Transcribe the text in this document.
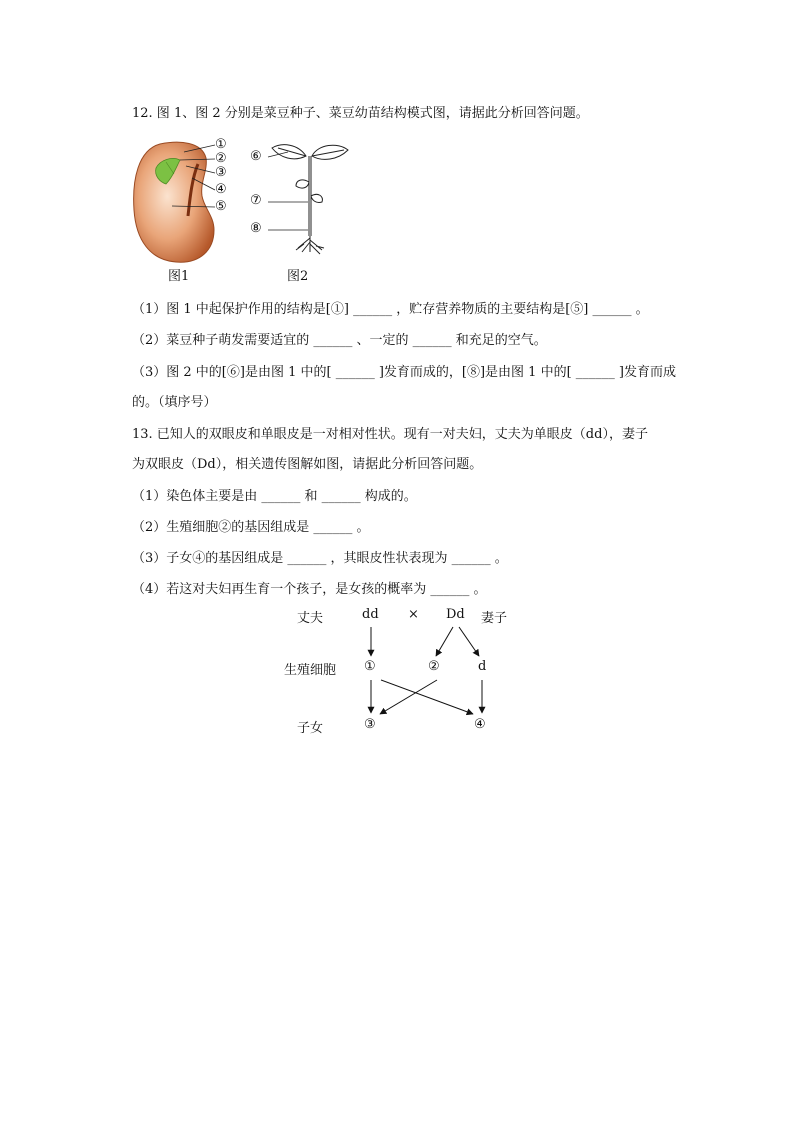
12. 图 1、图 2 分别是菜豆种子、菜豆幼苗结构模式图，请据此分析回答问题。
①
②
③
④
⑤
图1
⑥
⑦
⑧
图2
（1）图 1 中起保护作用的结构是[①] ______ ，贮存营养物质的主要结构是[⑤] ______ 。
（2）菜豆种子萌发需要适宜的 ______ 、一定的 ______ 和充足的空气。
（3）图 2 中的[⑥]是由图 1 中的[ ______ ]发育而成的，[⑧]是由图 1 中的[ ______ ]发育而成
的。（填序号）
13. 已知人的双眼皮和单眼皮是一对相对性状。现有一对夫妇，丈夫为单眼皮（dd），妻子
为双眼皮（Dd），相关遗传图解如图，请据此分析回答问题。
（1）染色体主要是由 ______ 和 ______ 构成的。
（2）生殖细胞②的基因组成是 ______ 。
（3）子女④的基因组成是 ______ ，其眼皮性状表现为 ______ 。
（4）若这对夫妇再生育一个孩子，是女孩的概率为 ______ 。
丈夫	dd × Dd 妻子
生殖细胞 ①	②	d
子女	③	④
